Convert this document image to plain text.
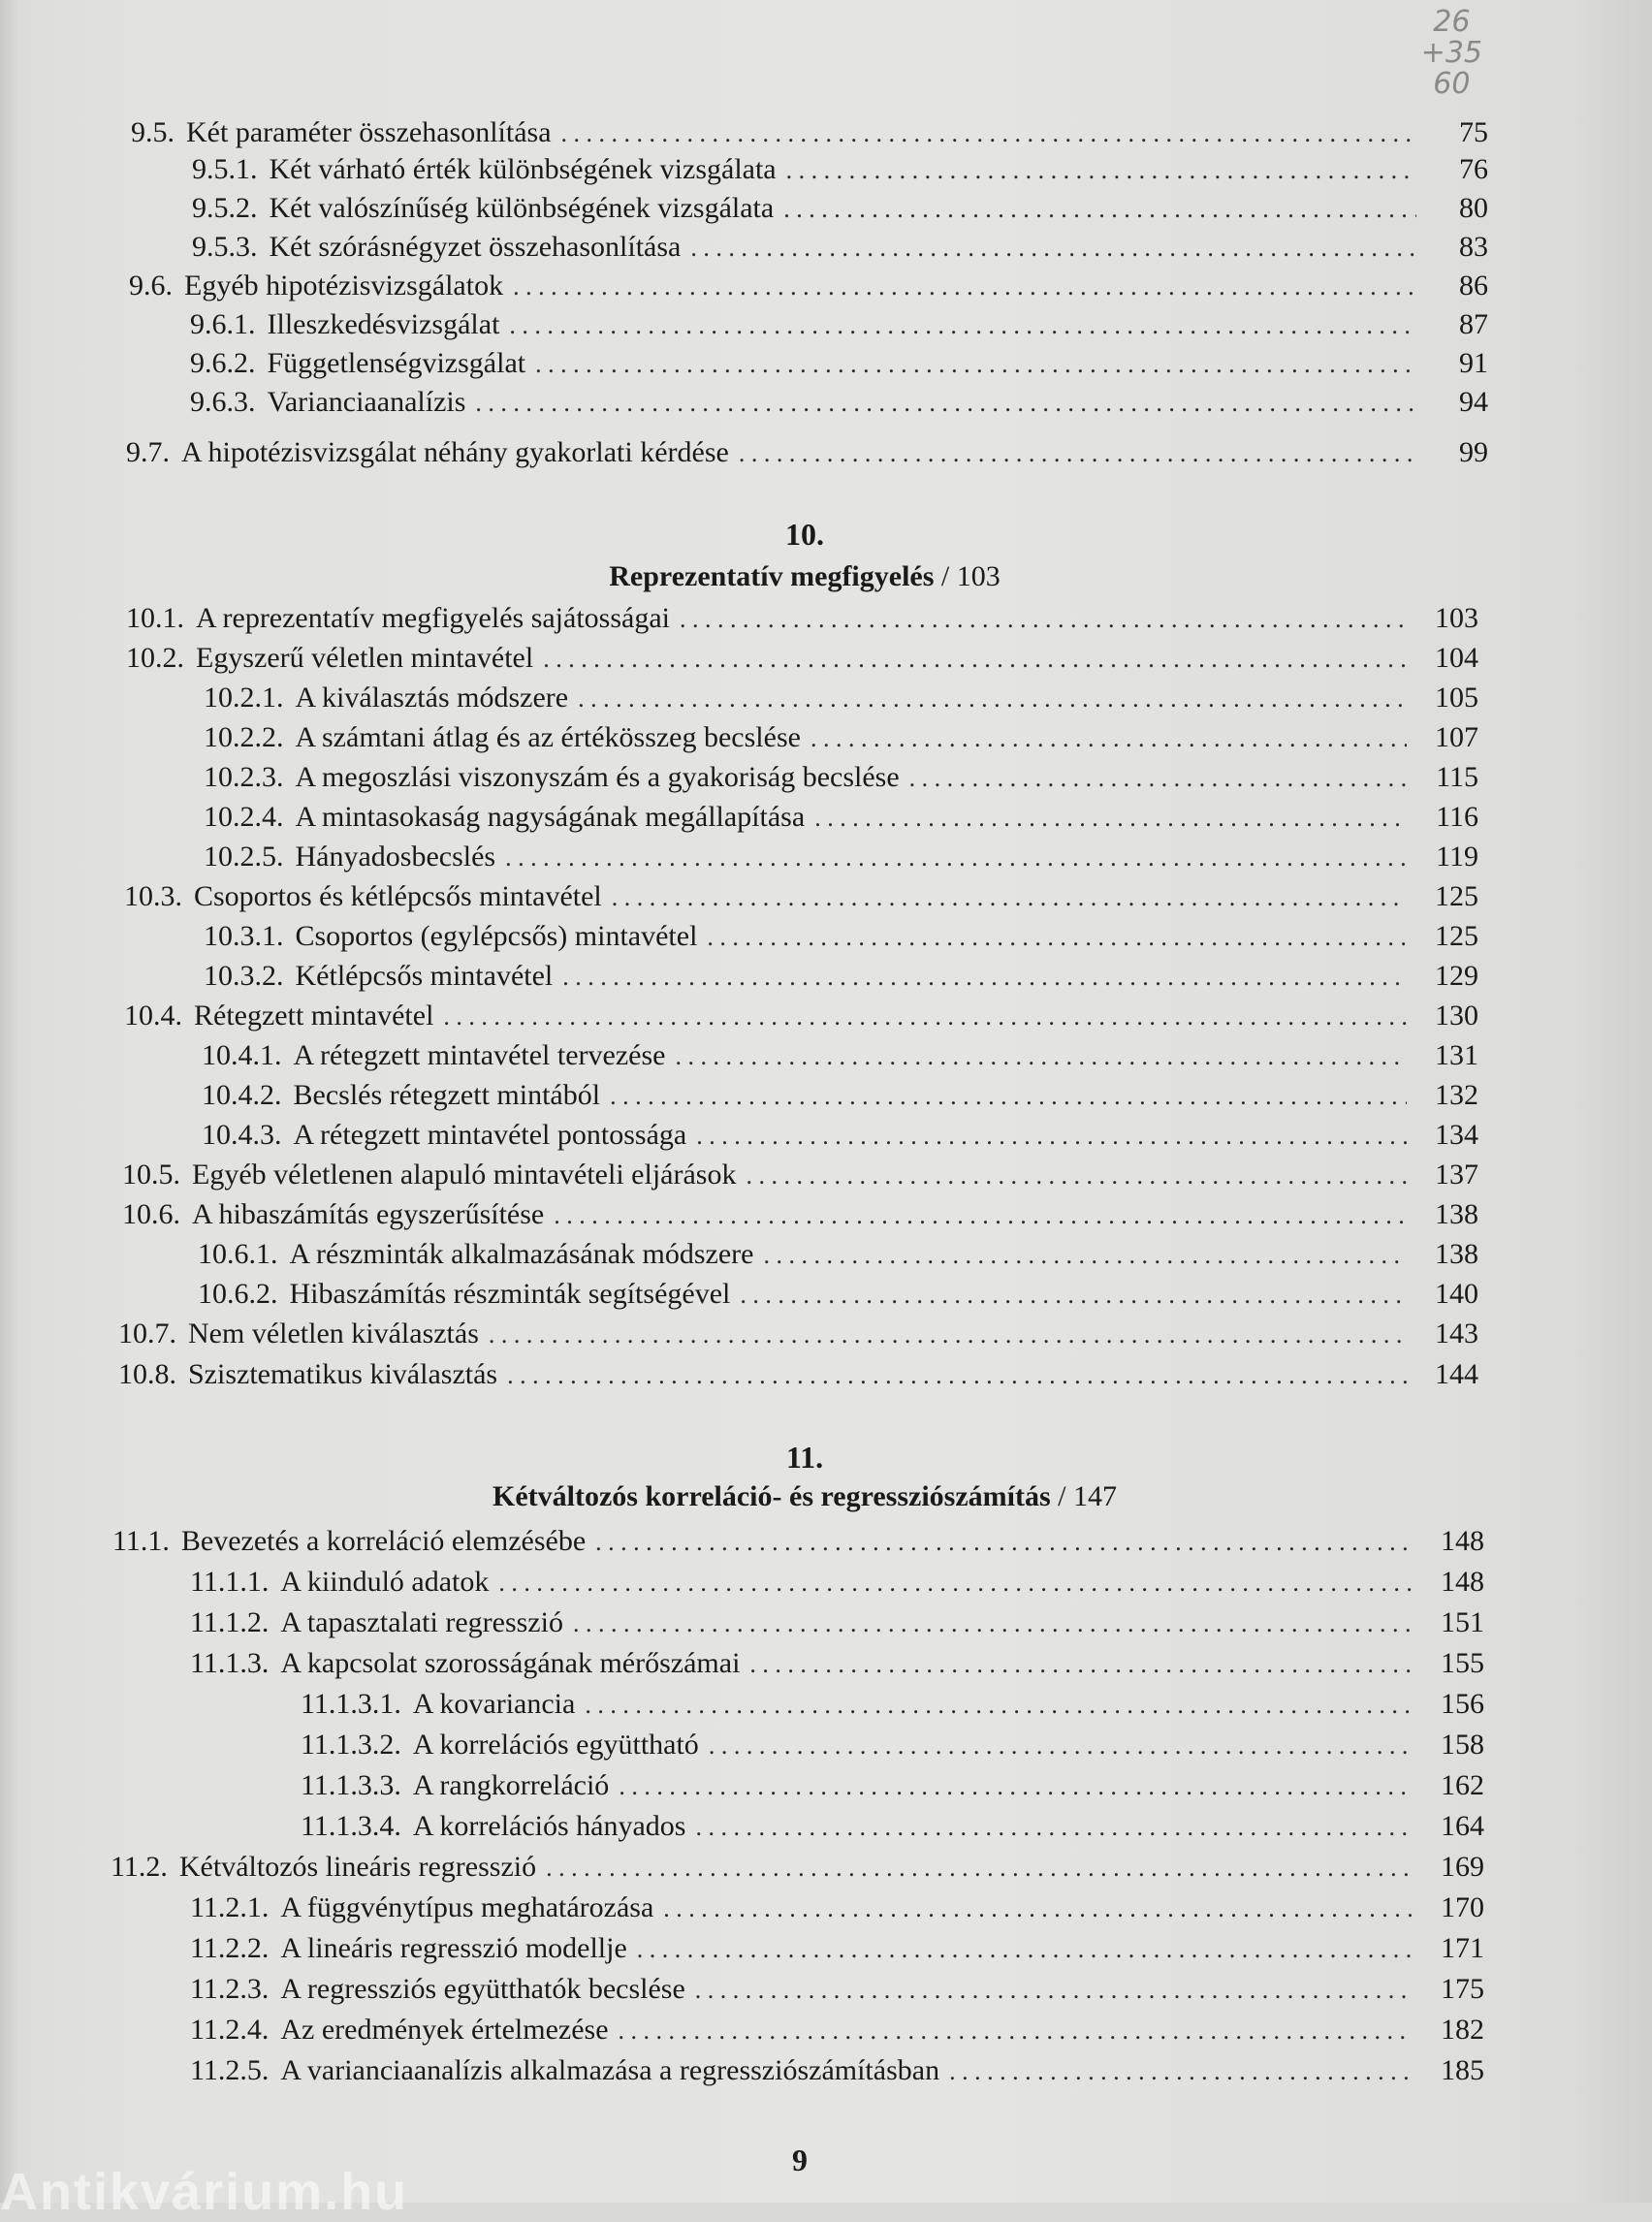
26
+35
60
9.5. Két paraméter összehasonlítása . . .	75
9.5.1. Két várható érték különbségének vizsgálata . . .	76
9.5.2. Két valószínűség különbségének vizsgálata . . .	80
9.5.3. Két szórásnégyzet összehasonlítása . . .	83
9.6. Egyéb hipotézisvizsgálatok . . .	86
9.6.1. Illeszkedésvizsgálat . . .	87
9.6.2. Függetlenségvizsgálat . . .	91
9.6.3. Varianciaanalízis . . .	94
9.7. A hipotézisvizsgálat néhány gyakorlati kérdése . . .	99
10.
Reprezentatív megfigyelés / 103
10.1. A reprezentatív megfigyelés sajátosságai . . .	103
10.2. Egyszerű véletlen mintavétel . . .	104
10.2.1. A kiválasztás módszere . . .	105
10.2.2. A számtani átlag és az értékösszeg becslése . . .	107
10.2.3. A megoszlási viszonyszám és a gyakoriság becslése . . .	115
10.2.4. A mintasokaság nagyságának megállapítása . . .	116
10.2.5. Hányadosbecslés . . .	119
10.3. Csoportos és kétlépcsős mintavétel . . .	125
10.3.1. Csoportos (egylépcsős) mintavétel . . .	125
10.3.2. Kétlépcsős mintavétel . . .	129
10.4. Rétegzett mintavétel . . .	130
10.4.1. A rétegzett mintavétel tervezése . . .	131
10.4.2. Becslés rétegzett mintából . . .	132
10.4.3. A rétegzett mintavétel pontossága . . .	134
10.5. Egyéb véletlenen alapuló mintavételi eljárások . . .	137
10.6. A hibaszámítás egyszerűsítése . . .	138
10.6.1. A részminták alkalmazásának módszere . . .	138
10.6.2. Hibaszámítás részminták segítségével . . .	140
10.7. Nem véletlen kiválasztás . . .	143
10.8. Szisztematikus kiválasztás . . .	144
11.
Kétváltozós korreláció- és regressziószámítás / 147
11.1. Bevezetés a korreláció elemzésébe . . .	148
11.1.1. A kiinduló adatok . . .	148
11.1.2. A tapasztalati regresszió . . .	151
11.1.3. A kapcsolat szorosságának mérőszámai . . .	155
11.1.3.1. A kovariancia . . .	156
11.1.3.2. A korrelációs együttható . . .	158
11.1.3.3. A rangkorreláció . . .	162
11.1.3.4. A korrelációs hányados . . .	164
11.2. Kétváltozós lineáris regresszió . . .	169
11.2.1. A függvénytípus meghatározása . . .	170
11.2.2. A lineáris regresszió modellje . . .	171
11.2.3. A regressziós együtthatók becslése . . .	175
11.2.4. Az eredmények értelmezése . . .	182
11.2.5. A varianciaanalízis alkalmazása a regressziószámításban . . .	185
9
Antikvárium.hu
